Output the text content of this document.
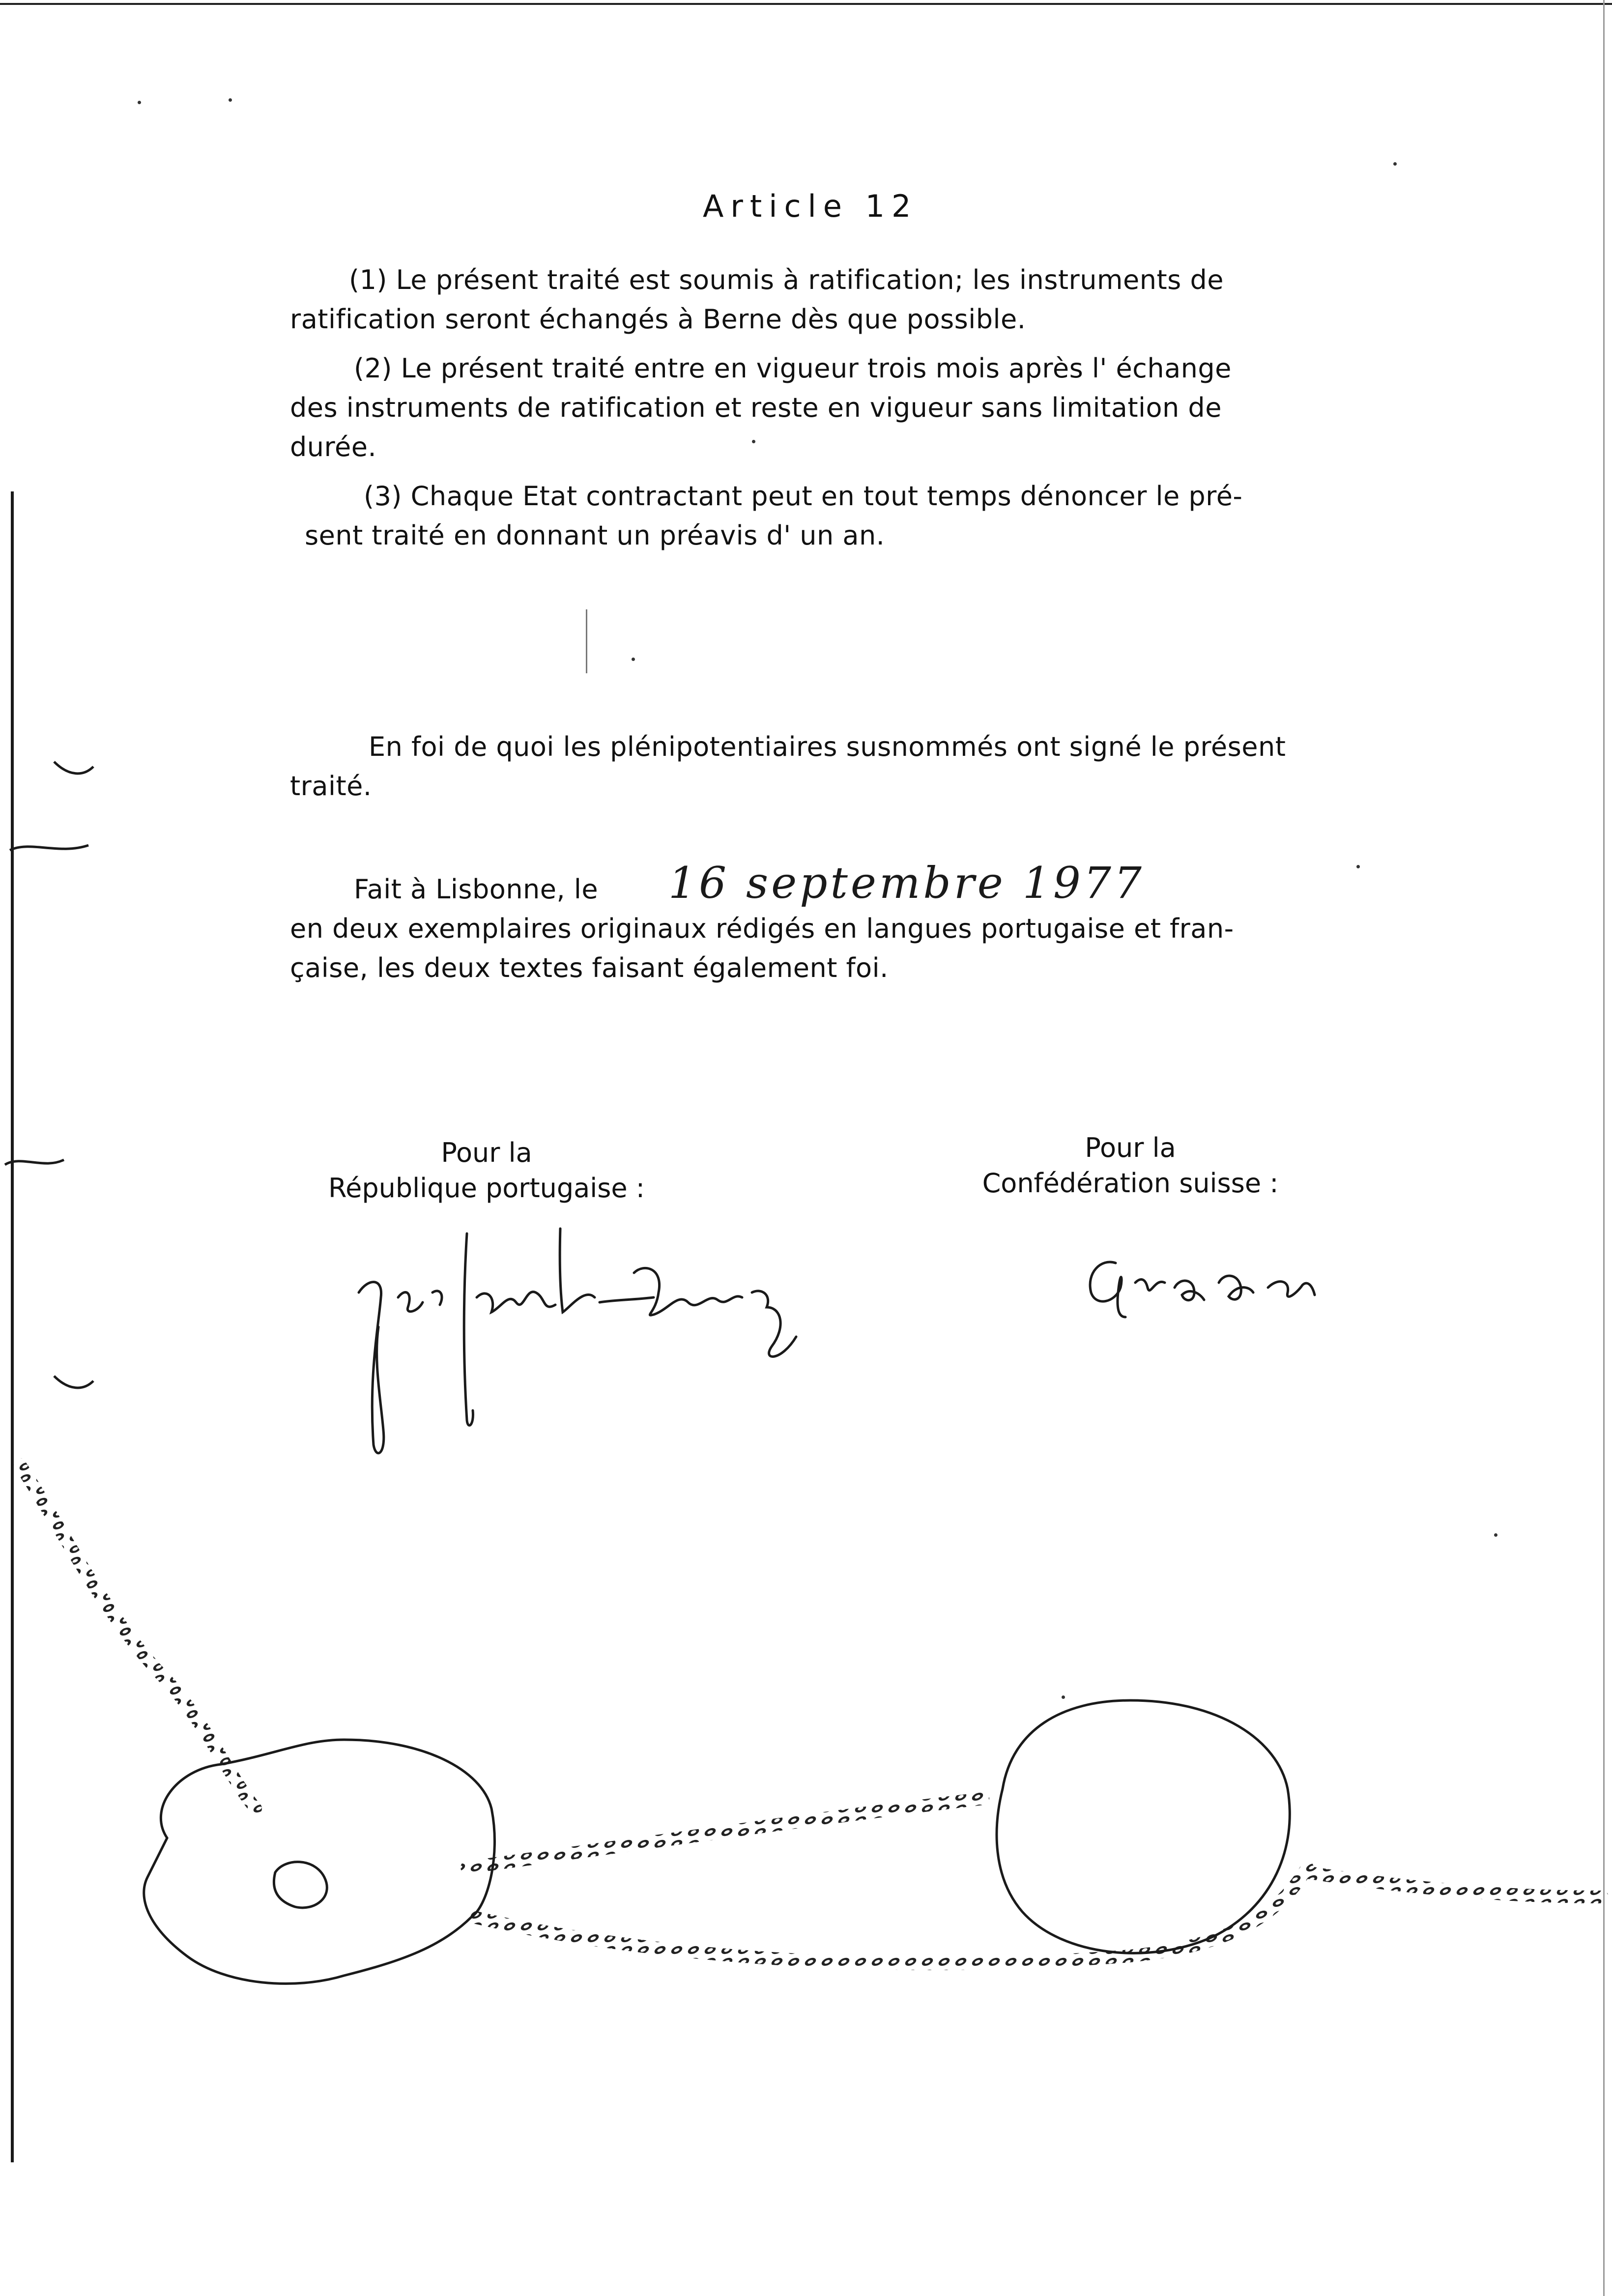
Article 12
(1) Le présent traité est soumis à ratification; les instruments de
ratification seront échangés à Berne dès que possible.
(2) Le présent traité entre en vigueur trois mois après l' échange
des instruments de ratification et reste en vigueur sans limitation de
durée.
(3) Chaque Etat contractant peut en tout temps dénoncer le pré-
sent traité en donnant un préavis d' un an.
En foi de quoi les plénipotentiaires susnommés ont signé le présent
traité.
Fait à Lisbonne, le
en deux exemplaires originaux rédigés en langues portugaise et fran-
çaise, les deux textes faisant également foi.
16 septembre 1977
Pour la
République portugaise :
Pour la
Confédération suisse :
